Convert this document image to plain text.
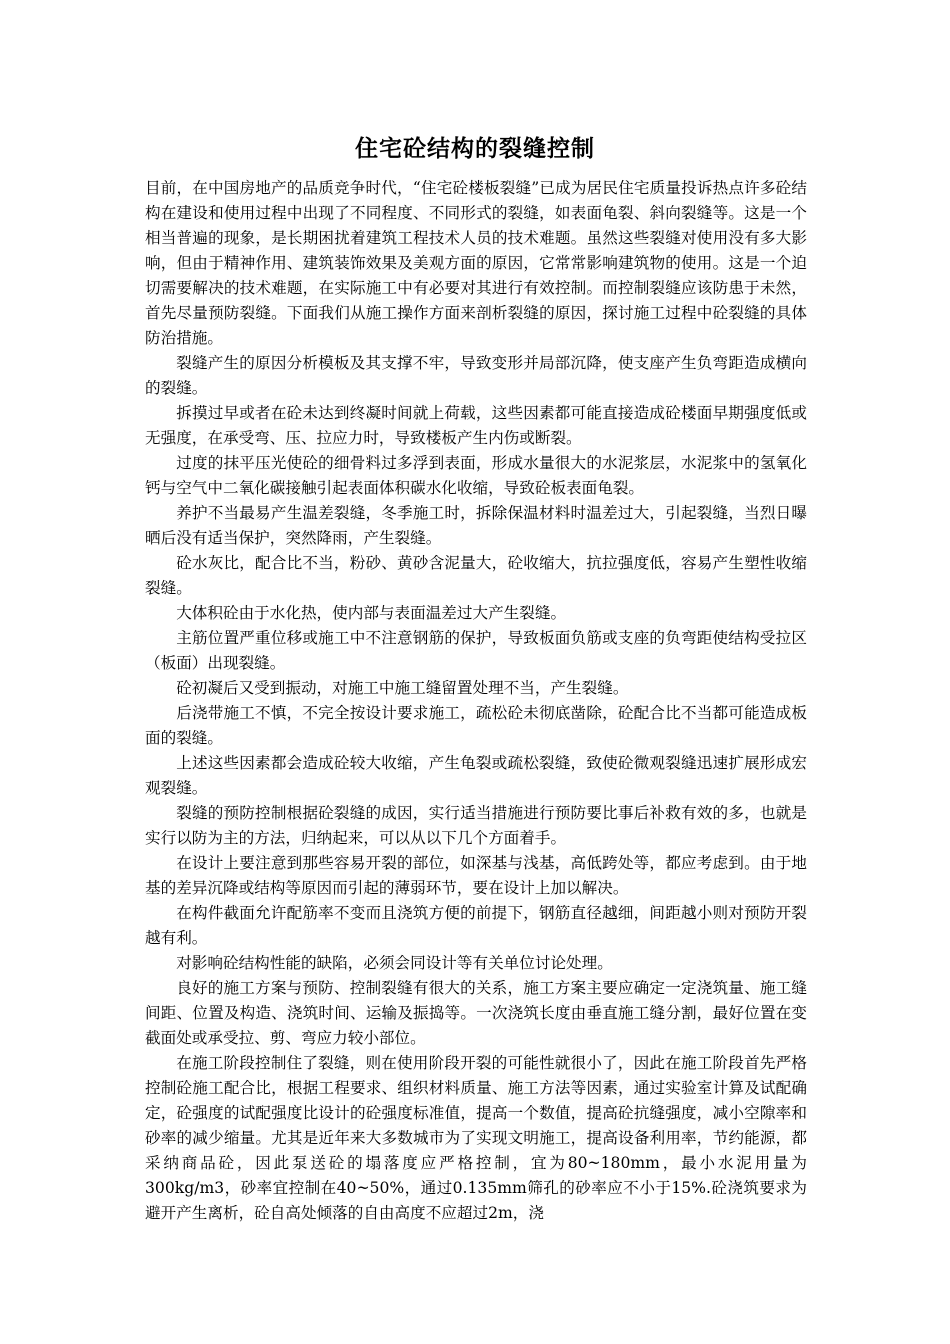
住宅砼结构的裂缝控制

目前，在中国房地产的品质竞争时代，“住宅砼楼板裂缝”已成为居民住宅质量投诉热点许多砼结构在建设和使用过程中出现了不同程度、不同形式的裂缝，如表面龟裂、斜向裂缝等。这是一个相当普遍的现象，是长期困扰着建筑工程技术人员的技术难题。虽然这些裂缝对使用没有多大影响，但由于精神作用、建筑装饰效果及美观方面的原因，它常常影响建筑物的使用。这是一个迫切需要解决的技术难题，在实际施工中有必要对其进行有效控制。而控制裂缝应该防患于未然，首先尽量预防裂缝。下面我们从施工操作方面来剖析裂缝的原因，探讨施工过程中砼裂缝的具体防治措施。

裂缝产生的原因分析模板及其支撑不牢，导致变形并局部沉降，使支座产生负弯距造成横向的裂缝。

拆摸过早或者在砼未达到终凝时间就上荷载，这些因素都可能直接造成砼楼面早期强度低或无强度，在承受弯、压、拉应力时，导致楼板产生内伤或断裂。

过度的抹平压光使砼的细骨料过多浮到表面，形成水量很大的水泥浆层，水泥浆中的氢氧化钙与空气中二氧化碳接触引起表面体积碳水化收缩，导致砼板表面龟裂。

养护不当最易产生温差裂缝，冬季施工时，拆除保温材料时温差过大，引起裂缝，当烈日曝晒后没有适当保护，突然降雨，产生裂缝。

砼水灰比，配合比不当，粉砂、黄砂含泥量大，砼收缩大，抗拉强度低，容易产生塑性收缩裂缝。

大体积砼由于水化热，使内部与表面温差过大产生裂缝。

主筋位置严重位移或施工中不注意钢筋的保护，导致板面负筋或支座的负弯距使结构受拉区（板面）出现裂缝。

砼初凝后又受到振动，对施工中施工缝留置处理不当，产生裂缝。

后浇带施工不慎，不完全按设计要求施工，疏松砼未彻底凿除，砼配合比不当都可能造成板面的裂缝。

上述这些因素都会造成砼较大收缩，产生龟裂或疏松裂缝，致使砼微观裂缝迅速扩展形成宏观裂缝。

裂缝的预防控制根据砼裂缝的成因，实行适当措施进行预防要比事后补救有效的多，也就是实行以防为主的方法，归纳起来，可以从以下几个方面着手。

在设计上要注意到那些容易开裂的部位，如深基与浅基，高低跨处等，都应考虑到。由于地基的差异沉降或结构等原因而引起的薄弱环节，要在设计上加以解决。

在构件截面允许配筋率不变而且浇筑方便的前提下，钢筋直径越细，间距越小则对预防开裂越有利。

对影响砼结构性能的缺陷，必须会同设计等有关单位讨论处理。

良好的施工方案与预防、控制裂缝有很大的关系，施工方案主要应确定一定浇筑量、施工缝间距、位置及构造、浇筑时间、运输及振捣等。一次浇筑长度由垂直施工缝分割，最好位置在变截面处或承受拉、剪、弯应力较小部位。

在施工阶段控制住了裂缝，则在使用阶段开裂的可能性就很小了，因此在施工阶段首先严格控制砼施工配合比，根据工程要求、组织材料质量、施工方法等因素，通过实验室计算及试配确定，砼强度的试配强度比设计的砼强度标准值，提高一个数值，提高砼抗缝强度，减小空隙率和砂率的减少缩量。尤其是近年来大多数城市为了实现文明施工，提高设备利用率，节约能源，都采纳商品砼，因此泵送砼的塌落度应严格控制，宜为80~180mm，最小水泥用量为300kg/m3，砂率宜控制在40~50%，通过0.135mm筛孔的砂率应不小于15%.砼浇筑要求为避开产生离析，砼自高处倾落的自由高度不应超过2m，浇
